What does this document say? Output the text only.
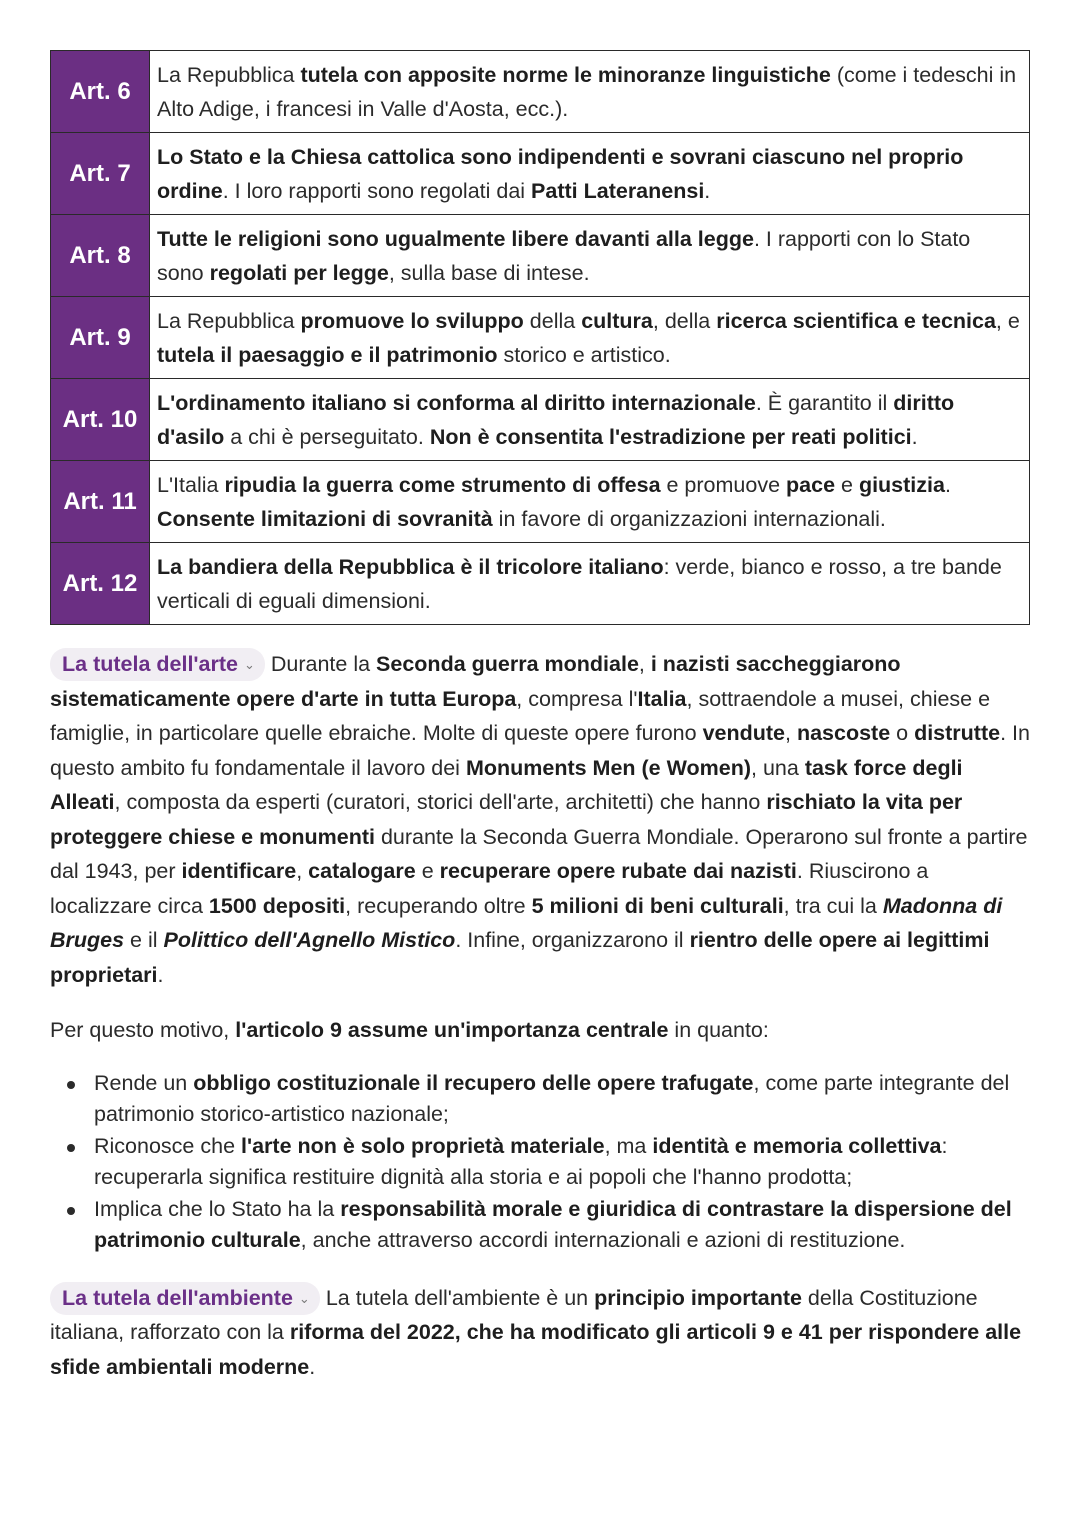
Art. 6	La Repubblica tutela con apposite norme le minoranze linguistiche (come i tedeschi in Alto Adige, i francesi in Valle d'Aosta, ecc.).
Art. 7	Lo Stato e la Chiesa cattolica sono indipendenti e sovrani ciascuno nel proprio ordine. I loro rapporti sono regolati dai Patti Lateranensi.
Art. 8	Tutte le religioni sono ugualmente libere davanti alla legge. I rapporti con lo Stato sono regolati per legge, sulla base di intese.
Art. 9	La Repubblica promuove lo sviluppo della cultura, della ricerca scientifica e tecnica, e tutela il paesaggio e il patrimonio storico e artistico.
Art. 10	L'ordinamento italiano si conforma al diritto internazionale. È garantito il diritto d'asilo a chi è perseguitato. Non è consentita l'estradizione per reati politici.
Art. 11	L'Italia ripudia la guerra come strumento di offesa e promuove pace e giustizia. Consente limitazioni di sovranità in favore di organizzazioni internazionali.
Art. 12	La bandiera della Repubblica è il tricolore italiano: verde, bianco e rosso, a tre bande verticali di eguali dimensioni.
La tutela dell'arte ⌄ Durante la Seconda guerra mondiale, i nazisti saccheggiarono sistematicamente opere d'arte in tutta Europa, compresa l'Italia, sottraendole a musei, chiese e famiglie, in particolare quelle ebraiche. Molte di queste opere furono vendute, nascoste o distrutte. In questo ambito fu fondamentale il lavoro dei Monuments Men (e Women), una task force degli Alleati, composta da esperti (curatori, storici dell'arte, architetti) che hanno rischiato la vita per proteggere chiese e monumenti durante la Seconda Guerra Mondiale. Operarono sul fronte a partire dal 1943, per identificare, catalogare e recuperare opere rubate dai nazisti. Riuscirono a localizzare circa 1500 depositi, recuperando oltre 5 milioni di beni culturali, tra cui la Madonna di Bruges e il Polittico dell'Agnello Mistico. Infine, organizzarono il rientro delle opere ai legittimi proprietari.
Per questo motivo, l'articolo 9 assume un'importanza centrale in quanto:
Rende un obbligo costituzionale il recupero delle opere trafugate, come parte integrante del patrimonio storico-artistico nazionale;
Riconosce che l'arte non è solo proprietà materiale, ma identità e memoria collettiva: recuperarla significa restituire dignità alla storia e ai popoli che l'hanno prodotta;
Implica che lo Stato ha la responsabilità morale e giuridica di contrastare la dispersione del patrimonio culturale, anche attraverso accordi internazionali e azioni di restituzione.
La tutela dell'ambiente ⌄ La tutela dell'ambiente è un principio importante della Costituzione italiana, rafforzato con la riforma del 2022, che ha modificato gli articoli 9 e 41 per rispondere alle sfide ambientali moderne.
